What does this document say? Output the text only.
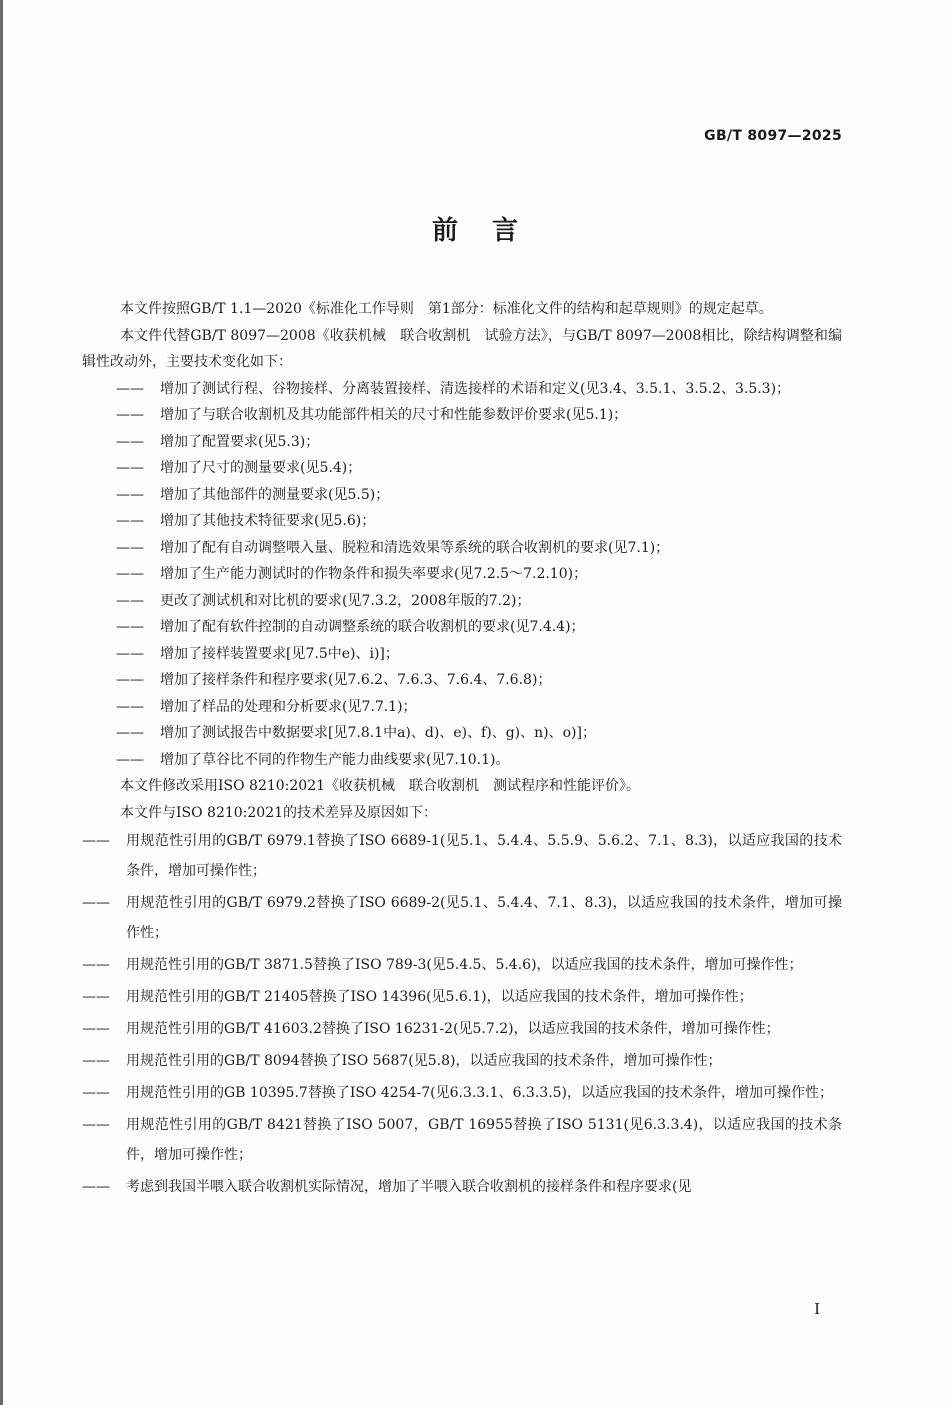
GB/T 8097—2025
前言

本文件按照GB/T 1.1—2020《标准化工作导则　第1部分：标准化文件的结构和起草规则》的规定起草。

本文件代替GB/T 8097—2008《收获机械　联合收割机　试验方法》，与GB/T 8097—2008相比，除结构调整和编辑性改动外，主要技术变化如下：

——	增加了测试行程、谷物接样、分离装置接样、清选接样的术语和定义(见3.4、3.5.1、3.5.2、3.5.3)；
——	增加了与联合收割机及其功能部件相关的尺寸和性能参数评价要求(见5.1)；
——	增加了配置要求(见5.3)；
——	增加了尺寸的测量要求(见5.4)；
——	增加了其他部件的测量要求(见5.5)；
——	增加了其他技术特征要求(见5.6)；
——	增加了配有自动调整喂入量、脱粒和清选效果等系统的联合收割机的要求(见7.1)；
——	增加了生产能力测试时的作物条件和损失率要求(见7.2.5～7.2.10)；
——	更改了测试机和对比机的要求(见7.3.2，2008年版的7.2)；
——	增加了配有软件控制的自动调整系统的联合收割机的要求(见7.4.4)；
——	增加了接样装置要求[见7.5中e)、i)]；
——	增加了接样条件和程序要求(见7.6.2、7.6.3、7.6.4、7.6.8)；
——	增加了样品的处理和分析要求(见7.7.1)；
——	增加了测试报告中数据要求[见7.8.1中a)、d)、e)、f)、g)、n)、o)]；
——	增加了草谷比不同的作物生产能力曲线要求(见7.10.1)。

本文件修改采用ISO 8210:2021《收获机械　联合收割机　测试程序和性能评价》。

本文件与ISO 8210:2021的技术差异及原因如下：

—— 用规范性引用的GB/T 6979.1替换了ISO 6689-1(见5.1、5.4.4、5.5.9、5.6.2、7.1、8.3)，以适应我国的技术条件，增加可操作性；
—— 用规范性引用的GB/T 6979.2替换了ISO 6689-2(见5.1、5.4.4、7.1、8.3)，以适应我国的技术条件，增加可操作性；
—— 用规范性引用的GB/T 3871.5替换了ISO 789-3(见5.4.5、5.4.6)，以适应我国的技术条件，增加可操作性；
—— 用规范性引用的GB/T 21405替换了ISO 14396(见5.6.1)，以适应我国的技术条件，增加可操作性；
—— 用规范性引用的GB/T 41603.2替换了ISO 16231-2(见5.7.2)，以适应我国的技术条件，增加可操作性；
—— 用规范性引用的GB/T 8094替换了ISO 5687(见5.8)，以适应我国的技术条件，增加可操作性；
—— 用规范性引用的GB 10395.7替换了ISO 4254-7(见6.3.3.1、6.3.3.5)，以适应我国的技术条件，增加可操作性；
—— 用规范性引用的GB/T 8421替换了ISO 5007，GB/T 16955替换了ISO 5131(见6.3.3.4)，以适应我国的技术条件，增加可操作性；
—— 考虑到我国半喂入联合收割机实际情况，增加了半喂入联合收割机的接样条件和程序要求(见
I
